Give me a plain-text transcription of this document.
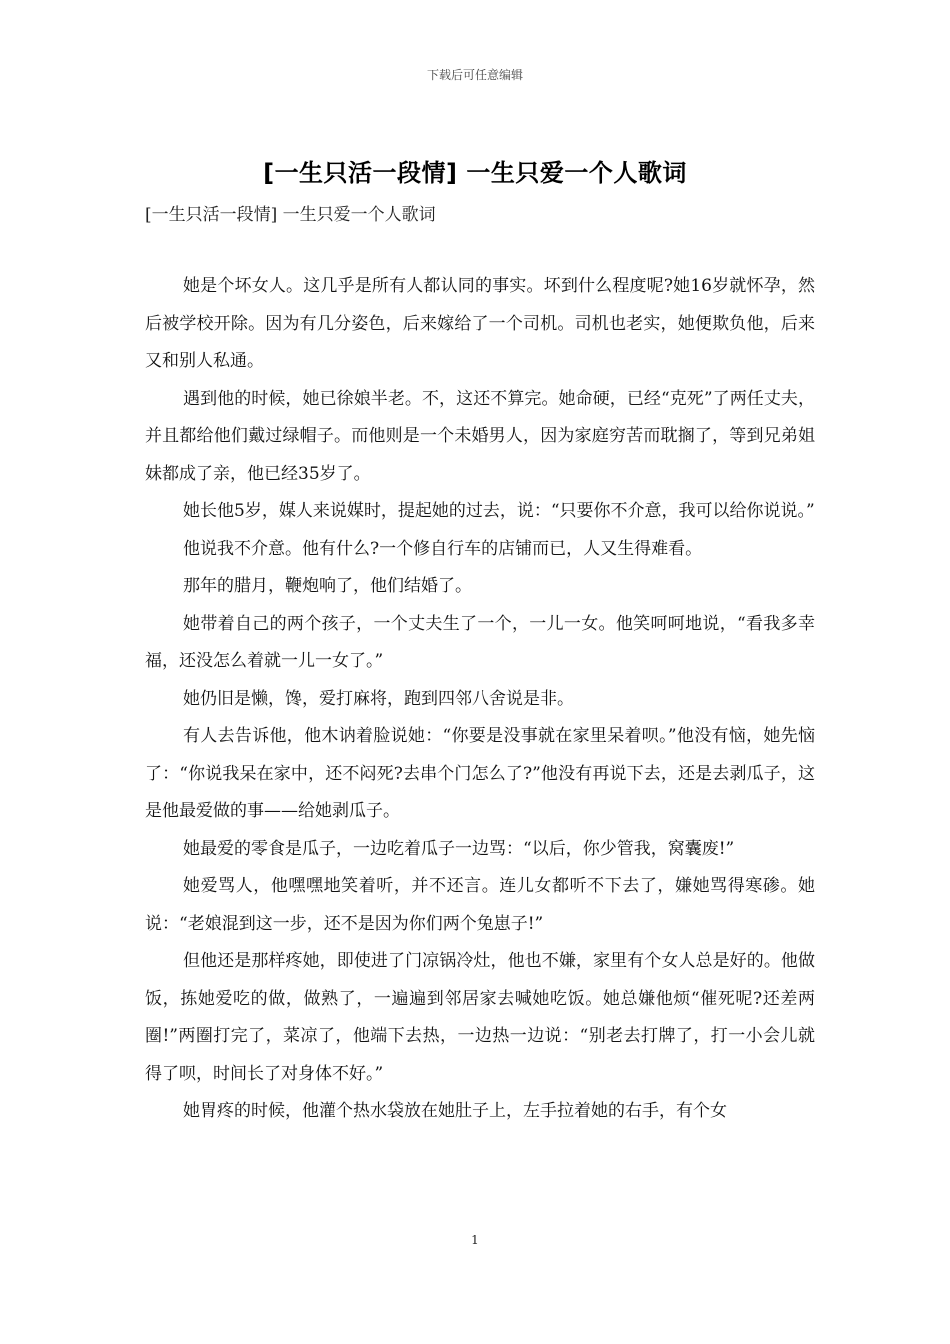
下载后可任意编辑
[一生只活一段情] 一生只爱一个人歌词
[一生只活一段情] 一生只爱一个人歌词

她是个坏女人。这几乎是所有人都认同的事实。坏到什么程度呢?她16岁就怀孕，然后被学校开除。因为有几分姿色，后来嫁给了一个司机。司机也老实，她便欺负他，后来又和别人私通。

遇到他的时候，她已徐娘半老。不，这还不算完。她命硬，已经“克死”了两任丈夫，并且都给他们戴过绿帽子。而他则是一个未婚男人，因为家庭穷苦而耽搁了，等到兄弟姐妹都成了亲，他已经35岁了。

她长他5岁，媒人来说媒时，提起她的过去，说：“只要你不介意，我可以给你说说。”

他说我不介意。他有什么?一个修自行车的店铺而已，人又生得难看。

那年的腊月，鞭炮响了，他们结婚了。

她带着自己的两个孩子，一个丈夫生了一个，一儿一女。他笑呵呵地说，“看我多幸福，还没怎么着就一儿一女了。”

她仍旧是懒，馋，爱打麻将，跑到四邻八舍说是非。

有人去告诉他，他木讷着脸说她：“你要是没事就在家里呆着呗。”他没有恼，她先恼了：“你说我呆在家中，还不闷死?去串个门怎么了?”他没有再说下去，还是去剥瓜子，这是他最爱做的事——给她剥瓜子。

她最爱的零食是瓜子，一边吃着瓜子一边骂：“以后，你少管我，窝囊废!”

她爱骂人，他嘿嘿地笑着听，并不还言。连儿女都听不下去了，嫌她骂得寒碜。她说：“老娘混到这一步，还不是因为你们两个兔崽子!”

但他还是那样疼她，即使进了门凉锅冷灶，他也不嫌，家里有个女人总是好的。他做饭，拣她爱吃的做，做熟了，一遍遍到邻居家去喊她吃饭。她总嫌他烦“催死呢?还差两圈!”两圈打完了，菜凉了，他端下去热，一边热一边说：“别老去打牌了，打一小会儿就得了呗，时间长了对身体不好。”

她胃疼的时候，他灌个热水袋放在她肚子上，左手拉着她的右手，有个女

1
